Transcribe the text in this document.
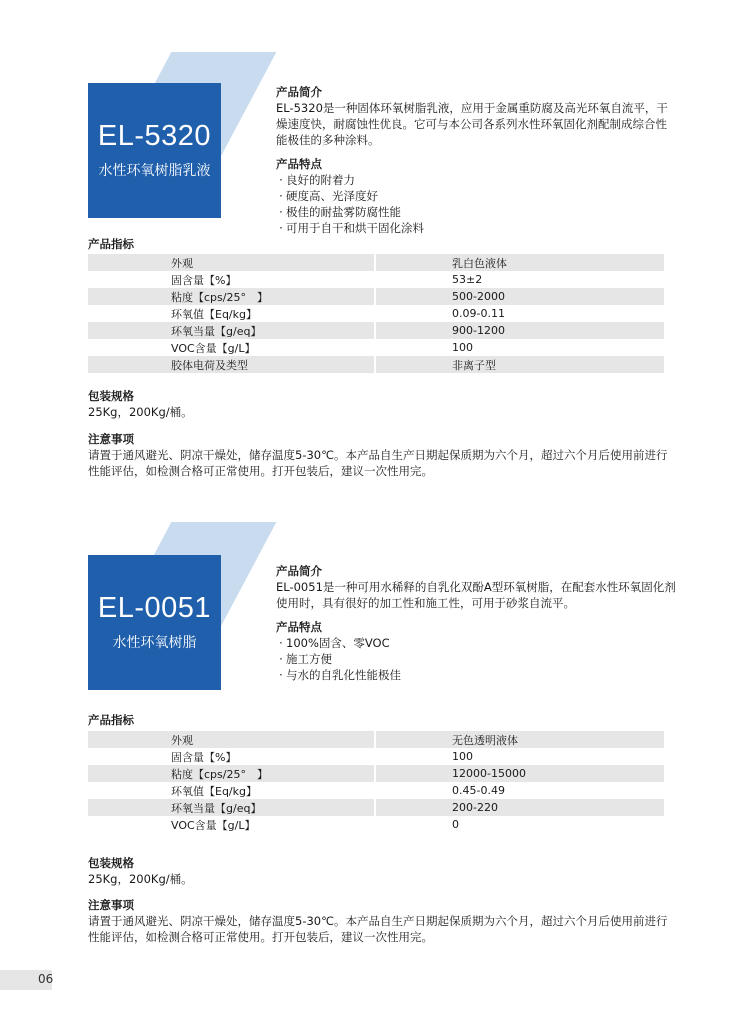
EL-5320
水性环氧树脂乳液
产品简介

EL-5320是一种固体环氧树脂乳液，应用于金属重防腐及高光环氧自流平，干燥速度快，耐腐蚀性优良。它可与本公司各系列水性环氧固化剂配制成综合性能极佳的多种涂料。

产品特点
· 良好的附着力
· 硬度高、光泽度好
· 极佳的耐盐雾防腐性能
· 可用于自干和烘干固化涂料
产品指标
外观	乳白色液体
固含量【%】	53±2
粘度【cps/25°　】	500-2000
环氧值【Eq/kg】	0.09-0.11
环氧当量【g/eq】	900-1200
VOC含量【g/L】	100
胶体电荷及类型	非离子型
包装规格
25Kg，200Kg/桶。
注意事项
请置于通风避光、阴凉干燥处，储存温度5-30℃。本产品自生产日期起保质期为六个月，超过六个月后使用前进行性能评估，如检测合格可正常使用。打开包装后，建议一次性用完。
EL-0051
水性环氧树脂
产品简介

EL-0051是一种可用水稀释的自乳化双酚A型环氧树脂，在配套水性环氧固化剂使用时，具有很好的加工性和施工性，可用于砂浆自流平。

产品特点
· 100%固含、零VOC
· 施工方便
· 与水的自乳化性能极佳
产品指标
外观	无色透明液体
固含量【%】	100
粘度【cps/25°　】	12000-15000
环氧值【Eq/kg】	0.45-0.49
环氧当量【g/eq】	200-220
VOC含量【g/L】	0
包装规格
25Kg，200Kg/桶。
注意事项
请置于通风避光、阴凉干燥处，储存温度5-30℃。本产品自生产日期起保质期为六个月，超过六个月后使用前进行性能评估，如检测合格可正常使用。打开包装后，建议一次性用完。
06
